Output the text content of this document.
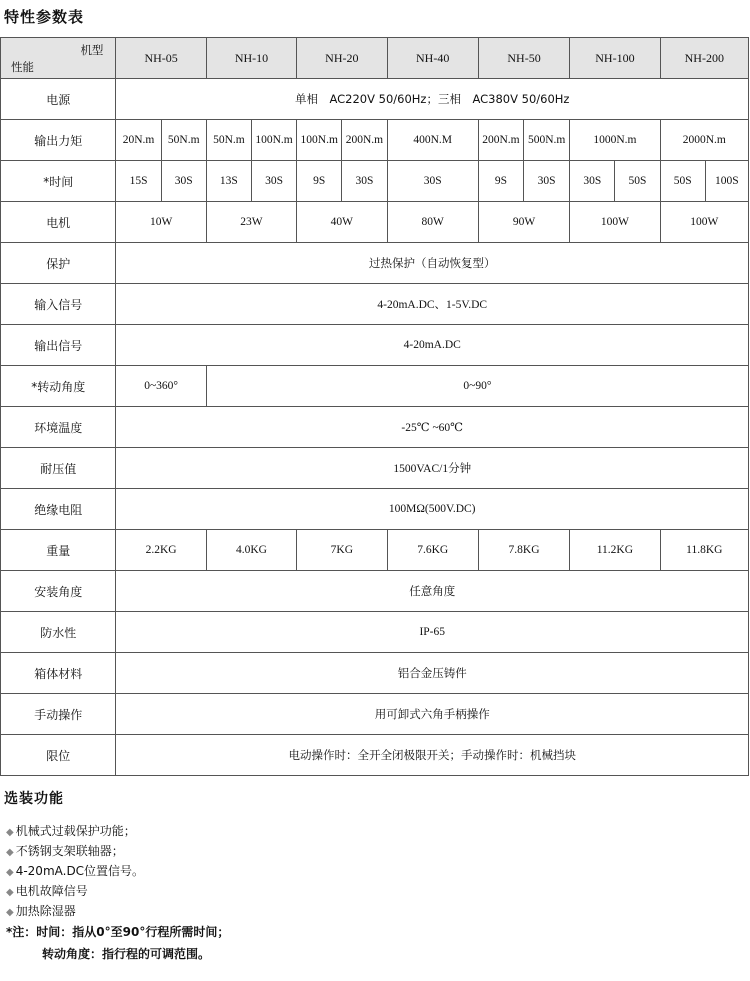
特性参数表
机型
性能	NH-05		NH-10		NH-20		NH-40	NH-50		NH-100		NH-200	
电源	单相　AC220V 50/60Hz；三相　AC380V 50/60Hz												
输出力矩	20N.m	50N.m	50N.m	100N.m	100N.m	200N.m	400N.M	200N.m	500N.m	1000N.m		2000N.m	
*时间	15S	30S	13S	30S	9S	30S	30S	9S	30S	30S	50S	50S	100S
电机	10W		23W		40W		80W	90W		100W		100W	
保护	过热保护（自动恢复型）												
输入信号	4-20mA.DC、1-5V.DC												
输出信号	4-20mA.DC												
*转动角度	0~360°		0~90°										
环境温度	-25℃ ~60℃												
耐压值	1500VAC/1分钟												
绝缘电阻	100MΩ(500V.DC)												
重量	2.2KG		4.0KG		7KG		7.6KG	7.8KG		11.2KG		11.8KG	
安装角度	任意角度												
防水性	IP-65												
箱体材料	铝合金压铸件												
手动操作	用可卸式六角手柄操作												
限位	电动操作时：全开全闭极限开关；手动操作时：机械挡块												
选装功能
◆ 机械式过载保护功能；
◆ 不锈钢支架联轴器；
◆ 4-20mA.DC位置信号。
◆ 电机故障信号
◆ 加热除湿器
*注：时间：指从0°至90°行程所需时间；
转动角度：指行程的可调范围。
